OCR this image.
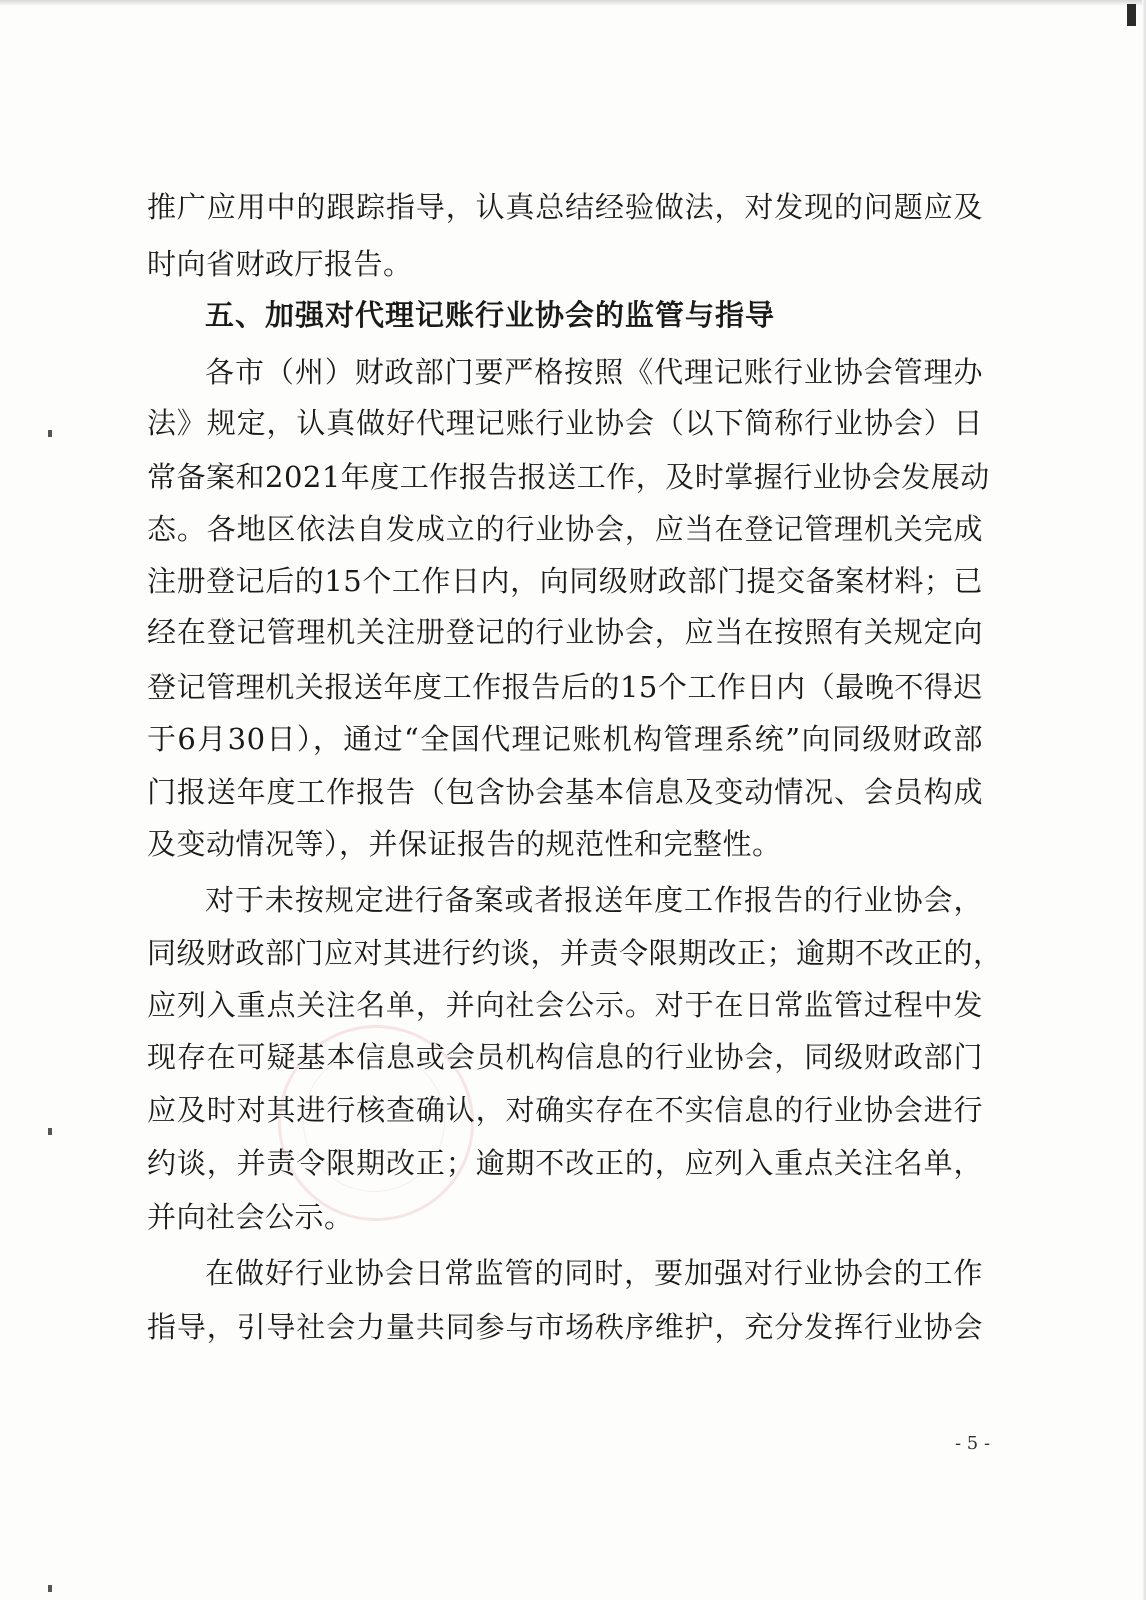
推广应用中的跟踪指导，认真总结经验做法，对发现的问题应及
时向省财政厅报告。
五、加强对代理记账行业协会的监管与指导
各市（州）财政部门要严格按照《代理记账行业协会管理办
法》规定，认真做好代理记账行业协会（以下简称行业协会）日
常备案和2021年度工作报告报送工作，及时掌握行业协会发展动
态。各地区依法自发成立的行业协会，应当在登记管理机关完成
注册登记后的15个工作日内，向同级财政部门提交备案材料；已
经在登记管理机关注册登记的行业协会，应当在按照有关规定向
登记管理机关报送年度工作报告后的15个工作日内（最晚不得迟
于6月30日），通过“全国代理记账机构管理系统”向同级财政部
门报送年度工作报告（包含协会基本信息及变动情况、会员构成
及变动情况等），并保证报告的规范性和完整性。
对于未按规定进行备案或者报送年度工作报告的行业协会，
同级财政部门应对其进行约谈，并责令限期改正；逾期不改正的，
应列入重点关注名单，并向社会公示。对于在日常监管过程中发
现存在可疑基本信息或会员机构信息的行业协会，同级财政部门
应及时对其进行核查确认，对确实存在不实信息的行业协会进行
约谈，并责令限期改正；逾期不改正的，应列入重点关注名单，
并向社会公示。
在做好行业协会日常监管的同时，要加强对行业协会的工作
指导，引导社会力量共同参与市场秩序维护，充分发挥行业协会
- 5 -
